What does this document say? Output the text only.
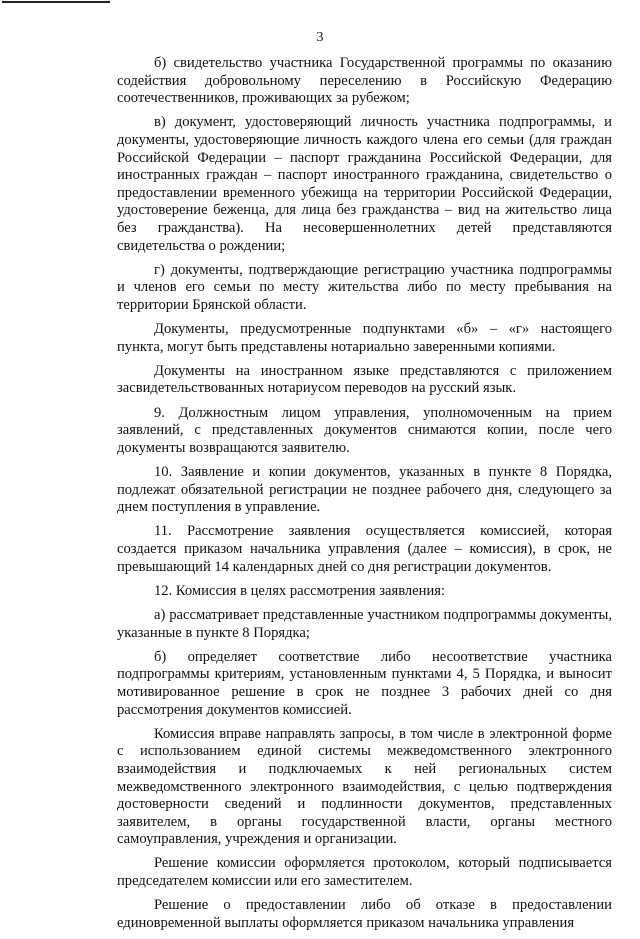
3

б) свидетельство участника Государственной программы по оказанию содействия добровольному переселению в Российскую Федерацию соотечественников, проживающих за рубежом;

в) документ, удостоверяющий личность участника подпрограммы, и документы, удостоверяющие личность каждого члена его семьи (для граждан Российской Федерации – паспорт гражданина Российской Федерации, для иностранных граждан – паспорт иностранного гражданина, свидетельство о предоставлении временного убежища на территории Российской Федерации, удостоверение беженца, для лица без гражданства – вид на жительство лица без гражданства). На несовершеннолетних детей представляются свидетельства о рождении;

г) документы, подтверждающие регистрацию участника подпрограммы и членов его семьи по месту жительства либо по месту пребывания на территории Брянской области.

Документы, предусмотренные подпунктами «б» – «г» настоящего пункта, могут быть представлены нотариально заверенными копиями.

Документы на иностранном языке представляются с приложением засвидетельствованных нотариусом переводов на русский язык.

9. Должностным лицом управления, уполномоченным на прием заявлений, с представленных документов снимаются копии, после чего документы возвращаются заявителю.

10. Заявление и копии документов, указанных в пункте 8 Порядка, подлежат обязательной регистрации не позднее рабочего дня, следующего за днем поступления в управление.

11. Рассмотрение заявления осуществляется комиссией, которая создается приказом начальника управления (далее – комиссия), в срок, не превышающий 14 календарных дней со дня регистрации документов.

12. Комиссия в целях рассмотрения заявления:

а) рассматривает представленные участником подпрограммы документы, указанные в пункте 8 Порядка;

б) определяет соответствие либо несоответствие участника подпрограммы критериям, установленным пунктами 4, 5 Порядка, и выносит мотивированное решение в срок не позднее 3 рабочих дней со дня рассмотрения документов комиссией.

Комиссия вправе направлять запросы, в том числе в электронной форме с использованием единой системы межведомственного электронного взаимодействия и подключаемых к ней региональных систем межведомственного электронного взаимодействия, с целью подтверждения достоверности сведений и подлинности документов, представленных заявителем, в органы государственной власти, органы местного самоуправления, учреждения и организации.

Решение комиссии оформляется протоколом, который подписывается председателем комиссии или его заместителем.

Решение о предоставлении либо об отказе в предоставлении единовременной выплаты оформляется приказом начальника управления
